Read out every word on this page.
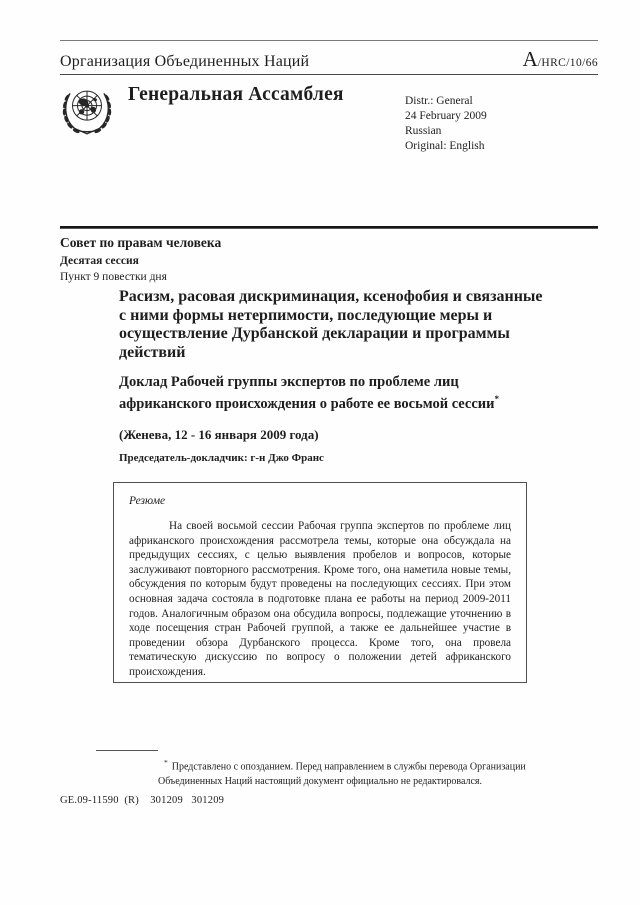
Организация Объединенных Наций	A/HRC/10/66
Генеральная Ассамблея	Distr.: General
24 February 2009
Russian
Original: English
Совет по правам человека
Десятая сессия
Пункт 9 повестки дня
Расизм, расовая дискриминация, ксенофобия и связанные с ними формы нетерпимости, последующие меры и осуществление Дурбанской декларации и программы действий
Доклад Рабочей группы экспертов по проблеме лиц африканского происхождения о работе ее восьмой сессии*
(Женева, 12 - 16 января 2009 года)
Председатель-докладчик: г-н Джо Франс
Резюме

На своей восьмой сессии Рабочая группа экспертов по проблеме лиц африканского происхождения рассмотрела темы, которые она обсуждала на предыдущих сессиях, с целью выявления пробелов и вопросов, которые заслуживают повторного рассмотрения. Кроме того, она наметила новые темы, обсуждения по которым будут проведены на последующих сессиях. При этом основная задача состояла в подготовке плана ее работы на период 2009-2011 годов. Аналогичным образом она обсудила вопросы, подлежащие уточнению в ходе посещения стран Рабочей группой, а также ее дальнейшее участие в проведении обзора Дурбанского процесса. Кроме того, она провела тематическую дискуссию по вопросу о положении детей африканского происхождения.

* Представлено с опозданием. Перед направлением в службы перевода Организации Объединенных Наций настоящий документ официально не редактировался.
GE.09-11590  (R)    301209   301209
